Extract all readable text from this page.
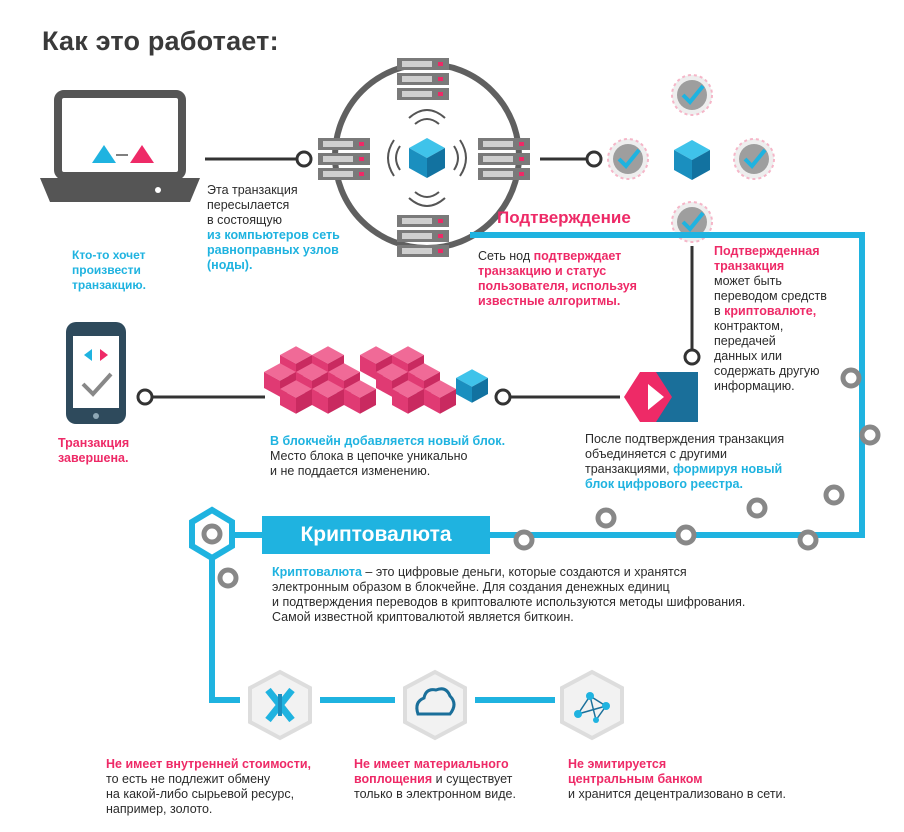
Как это работает:
Кто-то хочет произвести транзакцию.
Эта транзакция
пересылается
в состоящую
из компьютеров сеть
равноправных узлов
(ноды).
Подтверждение
Сеть нод подтверждает
транзакцию и статус
пользователя, используя
известные алгоритмы.
Подтвержденная
транзакция
может быть
переводом средств
в криптовалюте,
контрактом,
передачей
данных или
содержать другую
информацию.
После подтверждения транзакция
объединяется с другими
транзакциями, формируя новый
блок цифрового реестра.
В блокчейн добавляется новый блок.
Место блока в цепочке уникально
и не поддается изменению.
Транзакция
завершена.
Криптовалюта
Криптовалюта – это цифровые деньги, которые создаются и хранятся
электронным образом в блокчейне. Для создания денежных единиц
и подтверждения переводов в криптовалюте используются методы шифрования.
Самой известной криптовалютой является биткоин.
Не имеет внутренней стоимости,
то есть не подлежит обмену
на какой-либо сырьевой ресурс,
например, золото.
Не имеет материального
воплощения и существует
только в электронном виде.
Не эмитируется
центральным банком
и хранится децентрализовано в сети.
